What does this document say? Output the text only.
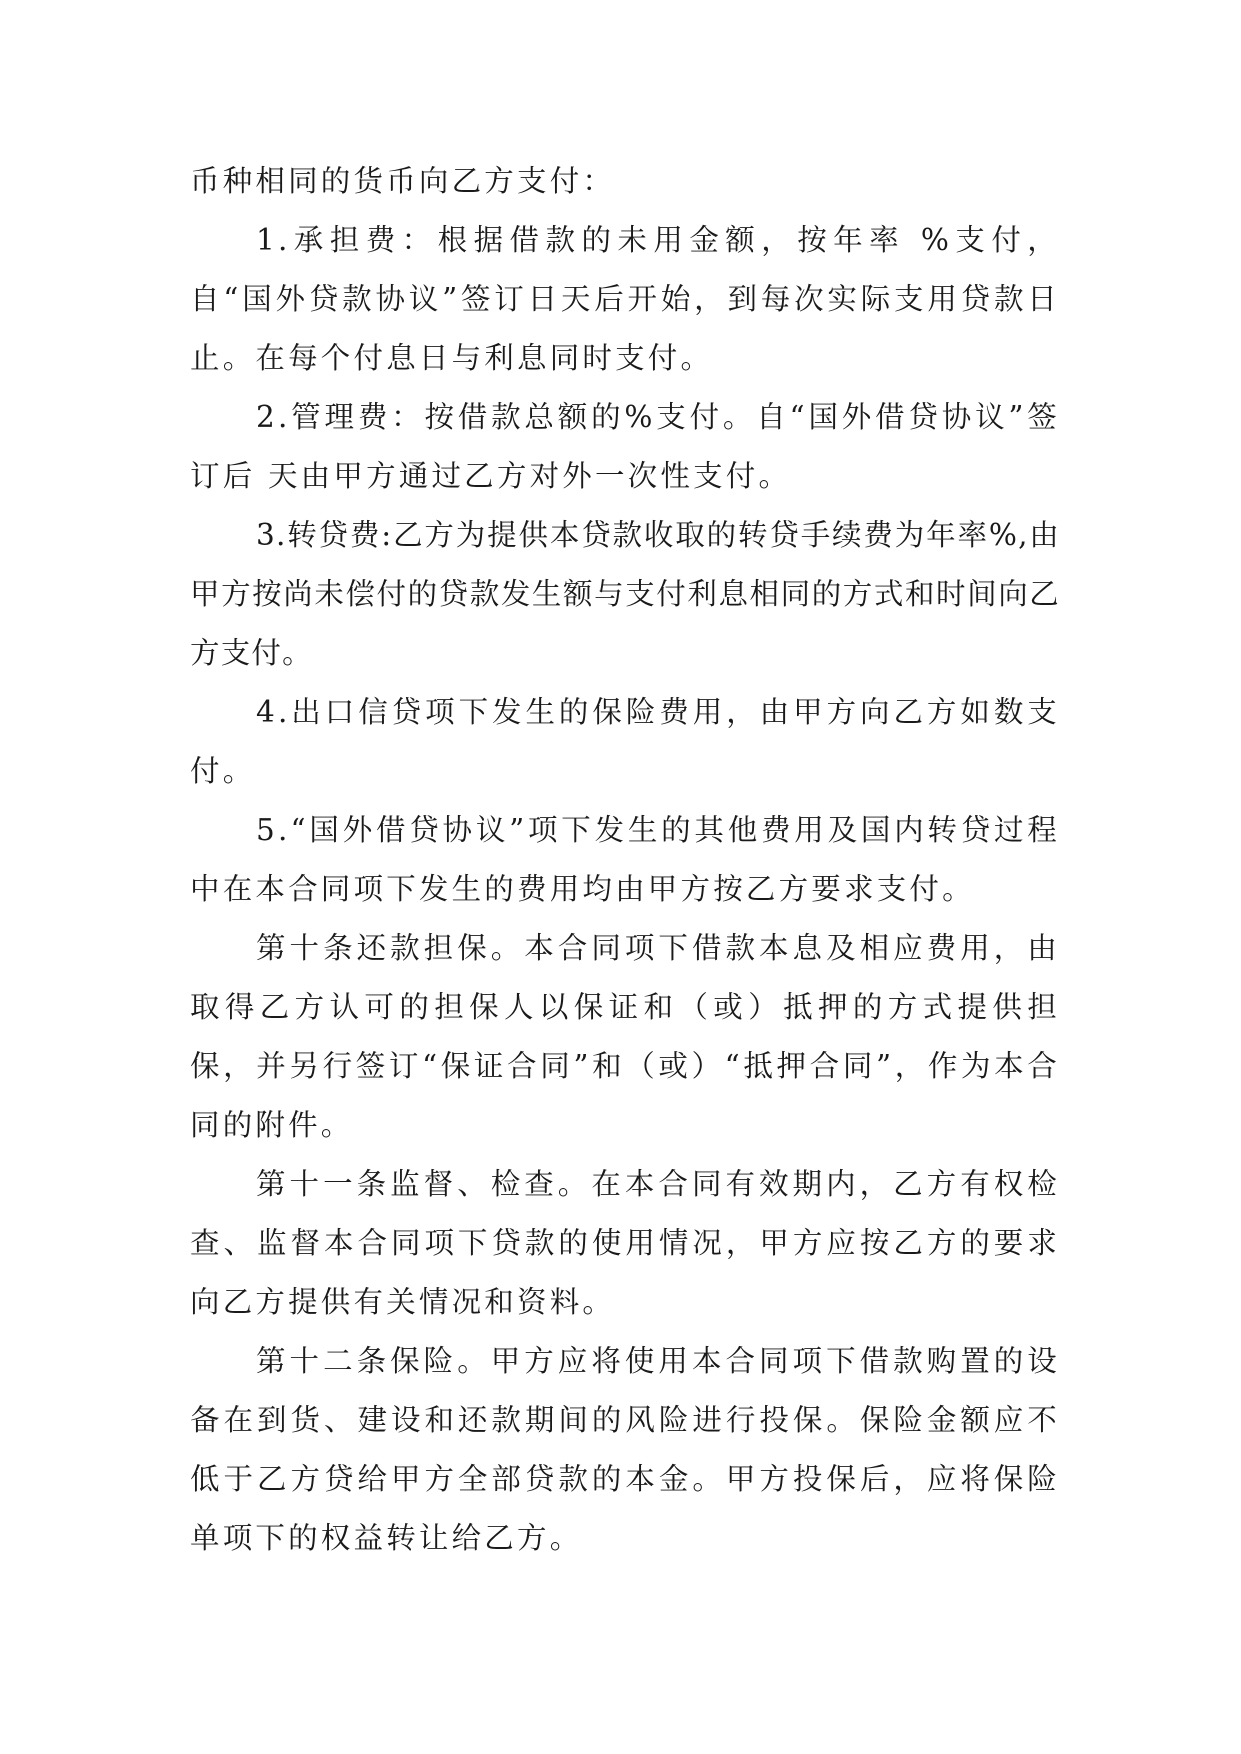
币种相同的货币向乙方支付：

1.承担费：根据借款的未用金额，按年率 %支付，自“国外贷款协议”签订日天后开始，到每次实际支用贷款日止。在每个付息日与利息同时支付。

2.管理费：按借款总额的%支付。自“国外借贷协议”签订后 天由甲方通过乙方对外一次性支付。

3.转贷费:乙方为提供本贷款收取的转贷手续费为年率%,由甲方按尚未偿付的贷款发生额与支付利息相同的方式和时间向乙方支付。

4.出口信贷项下发生的保险费用，由甲方向乙方如数支付。

5.“国外借贷协议”项下发生的其他费用及国内转贷过程中在本合同项下发生的费用均由甲方按乙方要求支付。

第十条还款担保。本合同项下借款本息及相应费用，由取得乙方认可的担保人以保证和（或）抵押的方式提供担保，并另行签订“保证合同”和（或）“抵押合同”，作为本合同的附件。

第十一条监督、检查。在本合同有效期内，乙方有权检查、监督本合同项下贷款的使用情况，甲方应按乙方的要求向乙方提供有关情况和资料。

第十二条保险。甲方应将使用本合同项下借款购置的设备在到货、建设和还款期间的风险进行投保。保险金额应不低于乙方贷给甲方全部贷款的本金。甲方投保后，应将保险单项下的权益转让给乙方。
